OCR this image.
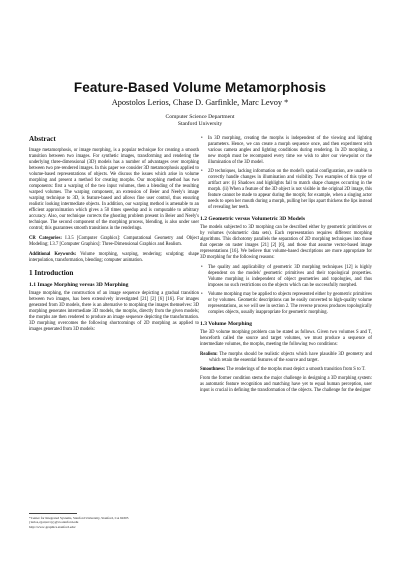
Feature-Based Volume Metamorphosis
Apostolos Lerios, Chase D. Garfinkle, Marc Levoy *
Computer Science Department
Stanford University
Abstract

Image metamorphosis, or image morphing, is a popular technique for creating a smooth transition between two images. For synthetic images, transforming and rendering the underlying three-dimensional (3D) models has a number of advantages over morphing between two pre-rendered images. In this paper we consider 3D metamorphosis applied to volume-based representations of objects. We discuss the issues which arise in volume morphing and present a method for creating morphs. Our morphing method has two components: first a warping of the two input volumes, then a blending of the resulting warped volumes. The warping component, an extension of Beier and Neely's image warping technique to 3D, is feature-based and allows fine user control, thus ensuring realistic looking intermediate objects. In addition, our warping method is amenable to an efficient approximation which gives a 50 times speedup and is computable to arbitrary accuracy. Also, our technique corrects the ghosting problem present in Beier and Neely's technique. The second component of the morphing process, blending, is also under user control; this guarantees smooth transitions in the renderings.

CR Categories: I.3.5 [Computer Graphics]: Computational Geometry and Object Modeling; I.3.7 [Computer Graphics]: Three-Dimensional Graphics and Realism.

Additional Keywords: Volume morphing, warping, rendering; sculpting; shape interpolation, transformation, blending; computer animation.

1 Introduction
1.1 Image Morphing versus 3D Morphing

Image morphing, the construction of an image sequence depicting a gradual transition between two images, has been extensively investigated [21] [2] [6] [16]. For images generated from 3D models, there is an alternative to morphing the images themselves: 3D morphing generates intermediate 3D models, the morphs, directly from the given models; the morphs are then rendered to produce an image sequence depicting the transformation. 3D morphing overcomes the following shortcomings of 2D morphing as applied to images generated from 3D models:

• In 3D morphing, creating the morphs is independent of the viewing and lighting parameters. Hence, we can create a morph sequence once, and then experiment with various camera angles and lighting conditions during rendering. In 2D morphing, a new morph must be recomputed every time we wish to alter our viewpoint or the illumination of the 3D model.
• 2D techniques, lacking information on the model's spatial configuration, are unable to correctly handle changes in illumination and visibility. Two examples of this type of artifact are: (i) Shadows and highlights fail to match shape changes occurring in the morph. (ii) When a feature of the 3D object is not visible in the original 2D image, this feature cannot be made to appear during the morph; for example, when a singing actor needs to open her mouth during a morph, pulling her lips apart thickens the lips instead of revealing her teeth.
1.2 Geometric versus Volumetric 3D Models

The models subjected to 3D morphing can be described either by geometric primitives or by volumes (volumetric data sets). Each representation requires different morphing algorithms. This dichotomy parallels the separation of 2D morphing techniques into those that operate on raster images [21] [2] [6], and those that assume vector-based image representations [16]. We believe that volume-based descriptions are more appropriate for 3D morphing for the following reasons:

• The quality and applicability of geometric 3D morphing techniques [12] is highly dependent on the models' geometric primitives and their topological properties. Volume morphing is independent of object geometries and topologies, and thus imposes no such restrictions on the objects which can be successfully morphed.
• Volume morphing may be applied to objects represented either by geometric primitives or by volumes. Geometric descriptions can be easily converted to high-quality volume representations, as we will see in section 2. The reverse process produces topologically complex objects, usually inappropriate for geometric morphing.
1.3 Volume Morphing

The 3D volume morphing problem can be stated as follows. Given two volumes S and T, henceforth called the source and target volumes, we must produce a sequence of intermediate volumes, the morphs, meeting the following two conditions:

Realism: The morphs should be realistic objects which have plausible 3D geometry and which retain the essential features of the source and target.

Smoothness: The renderings of the morphs must depict a smooth transition from S to T.

From the former condition stems the major challenge in designing a 3D morphing system: as automatic feature recognition and matching have yet to equal human perception, user input is crucial in defining the transformation of the objects. The challenge for the designer

*Center for Integrated Systems, Stanford University, Stanford, CA 94305
{lerios,cgar,levoy}@cs.stanford.edu
http://www-graphics.stanford.edu/
